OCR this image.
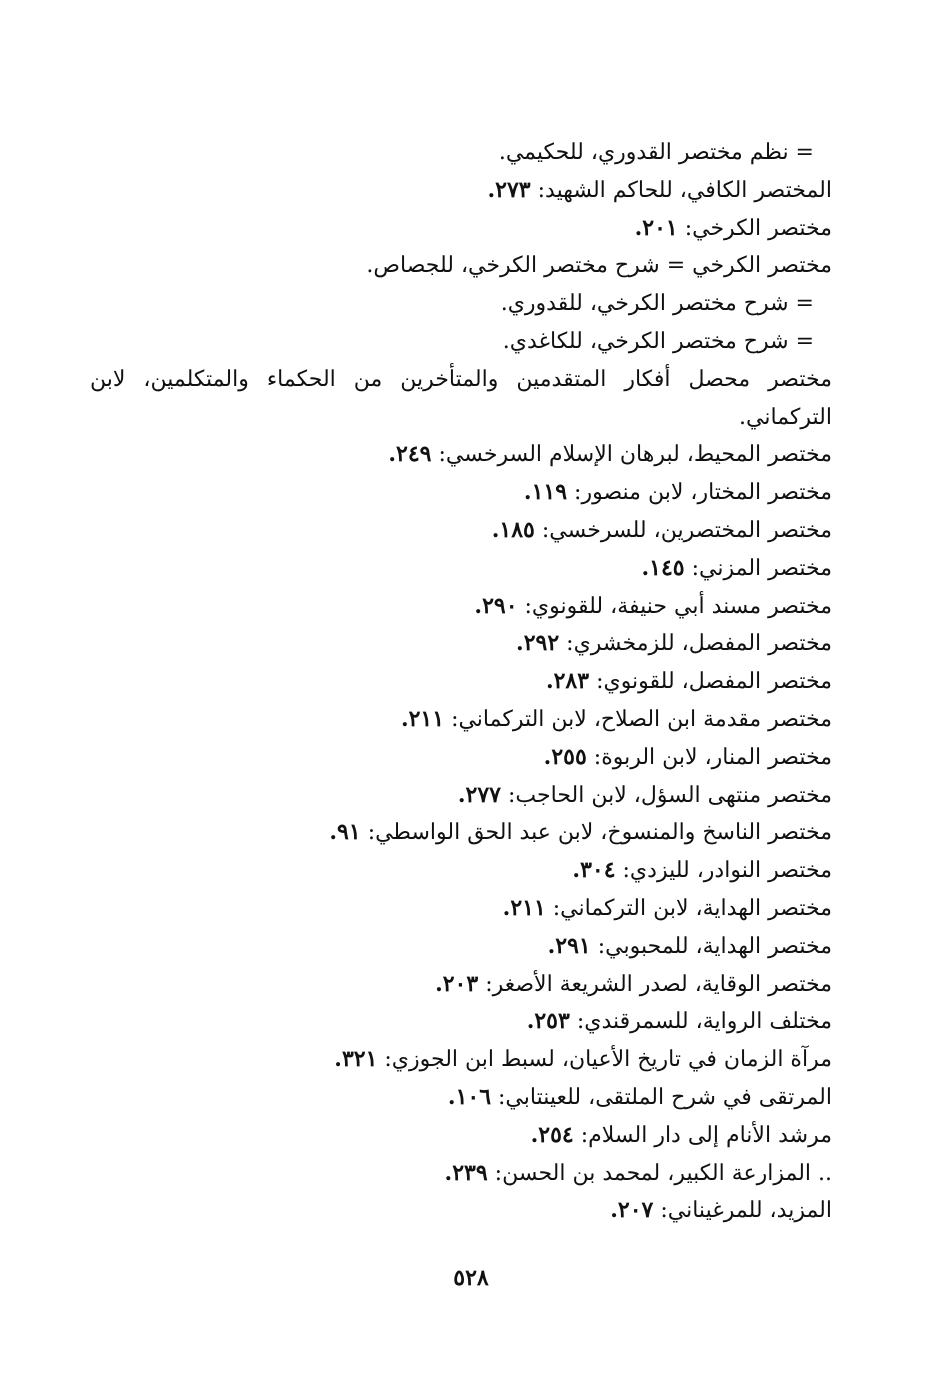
= نظم مختصر القدوري، للحكيمي.

المختصر الكافي، للحاكم الشهيد: ٢٧٣.

مختصر الكرخي: ٢٠١.

مختصر الكرخي = شرح مختصر الكرخي، للجصاص.

= شرح مختصر الكرخي، للقدوري.

= شرح مختصر الكرخي، للكاغدي.

مختصر محصل أفكار المتقدمين والمتأخرين من الحكماء والمتكلمين، لابن التركماني.

مختصر المحيط، لبرهان الإسلام السرخسي: ٢٤٩.

مختصر المختار، لابن منصور: ١١٩.

مختصر المختصرين، للسرخسي: ١٨٥.

مختصر المزني: ١٤٥.

مختصر مسند أبي حنيفة، للقونوي: ٢٩٠.

مختصر المفصل، للزمخشري: ٢٩٢.

مختصر المفصل، للقونوي: ٢٨٣.

مختصر مقدمة ابن الصلاح، لابن التركماني: ٢١١.

مختصر المنار، لابن الربوة: ٢٥٥.

مختصر منتهى السؤل، لابن الحاجب: ٢٧٧.

مختصر الناسخ والمنسوخ، لابن عبد الحق الواسطي: ٩١.

مختصر النوادر، لليزدي: ٣٠٤.

مختصر الهداية، لابن التركماني: ٢١١.

مختصر الهداية، للمحبوبي: ٢٩١.

مختصر الوقاية، لصدر الشريعة الأصغر: ٢٠٣.

مختلف الرواية، للسمرقندي: ٢٥٣.

مرآة الزمان في تاريخ الأعيان، لسبط ابن الجوزي: ٣٢١.

المرتقى في شرح الملتقى، للعينتابي: ١٠٦.

مرشد الأنام إلى دار السلام: ٢٥٤.

.. المزارعة الكبير، لمحمد بن الحسن: ٢٣٩.

المزيد، للمرغيناني: ٢٠٧.

٥٢٨
